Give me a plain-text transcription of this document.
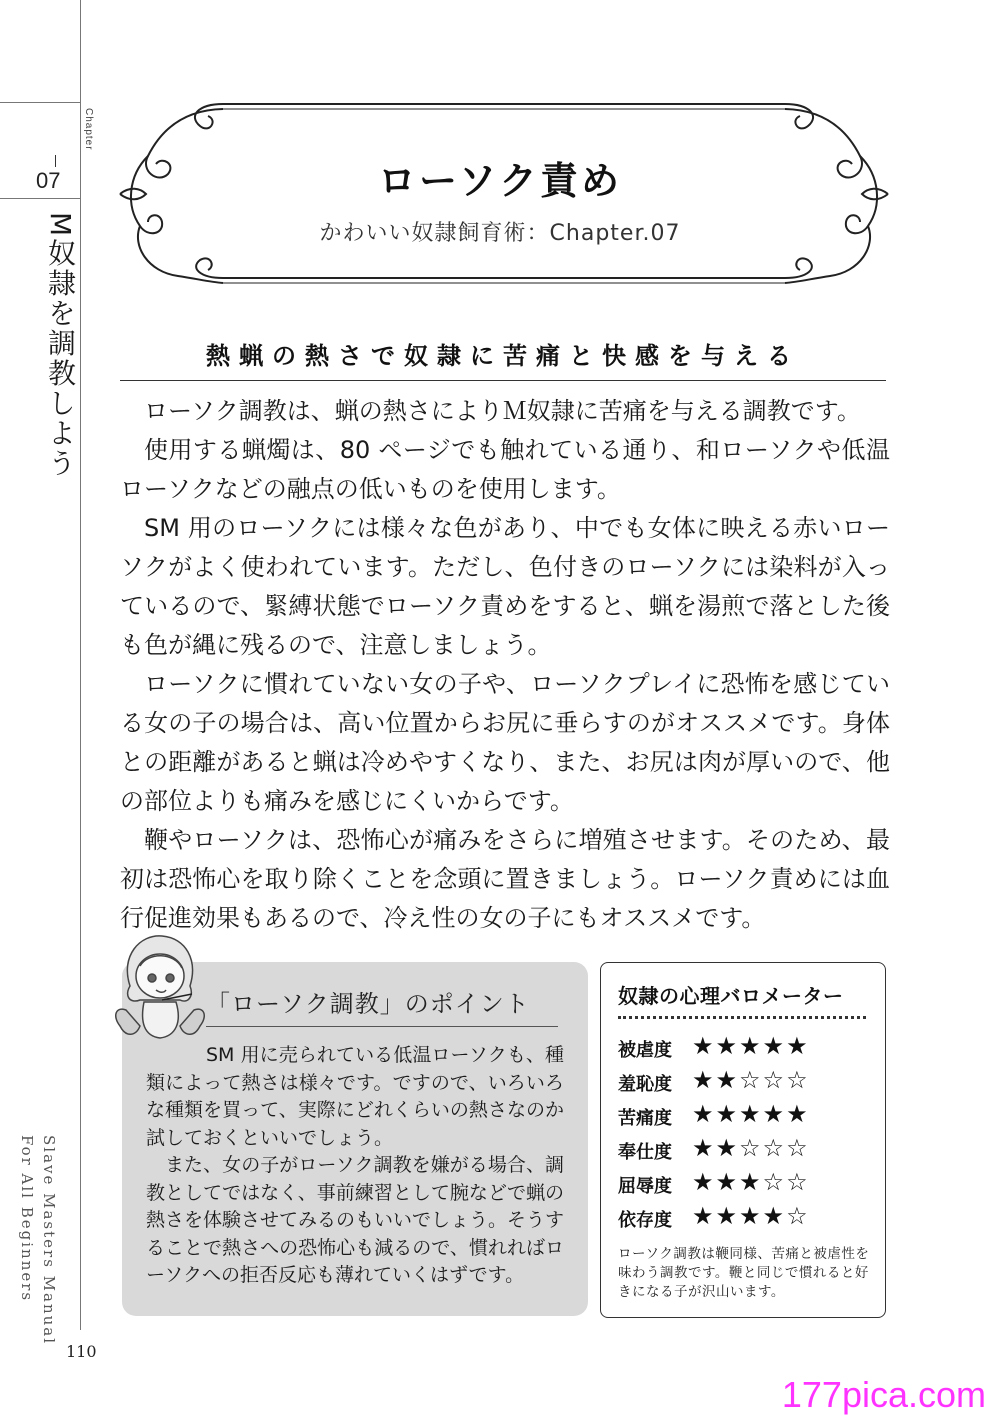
Chapter
07
M奴隷を調教しよう
Slave Masters Manual
For All Beginners
110
ローソク責め
かわいい奴隷飼育術：Chapter.07
熱蝋の熱さで奴隷に苦痛と快感を与える

ローソク調教は、蝋の熱さによりＭ奴隷に苦痛を与える調教です。

使用する蝋燭は、80 ページでも触れている通り、和ローソクや低温ローソクなどの融点の低いものを使用します。

SM 用のローソクには様々な色があり、中でも女体に映える赤いローソクがよく使われています。ただし、色付きのローソクには染料が入っているので、緊縛状態でローソク責めをすると、蝋を湯煎で落とした後も色が縄に残るので、注意しましょう。

ローソクに慣れていない女の子や、ローソクプレイに恐怖を感じている女の子の場合は、高い位置からお尻に垂らすのがオススメです。身体との距離があると蝋は冷めやすくなり、また、お尻は肉が厚いので、他の部位よりも痛みを感じにくいからです。

鞭やローソクは、恐怖心が痛みをさらに増殖させます。そのため、最初は恐怖心を取り除くことを念頭に置きましょう。ローソク責めには血行促進効果もあるので、冷え性の女の子にもオススメです。

「ローソク調教」のポイント

SM 用に売られている低温ローソクも、種類によって熱さは様々です。ですので、いろいろな種類を買って、実際にどれくらいの熱さなのか試しておくといいでしょう。

また、女の子がローソク調教を嫌がる場合、調教としてではなく、事前練習として腕などで蝋の熱さを体験させてみるのもいいでしょう。そうすることで熱さへの恐怖心も減るので、慣れればローソクへの拒否反応も薄れていくはずです。

奴隷の心理バロメーター
被虐度 ★★★★★
羞恥度 ★★☆☆☆
苦痛度 ★★★★★
奉仕度 ★★☆☆☆
屈辱度 ★★★☆☆
依存度 ★★★★☆
ローソク調教は鞭同様、苦痛と被虐性を味わう調教です。鞭と同じで慣れると好きになる子が沢山います。
177pica.com
